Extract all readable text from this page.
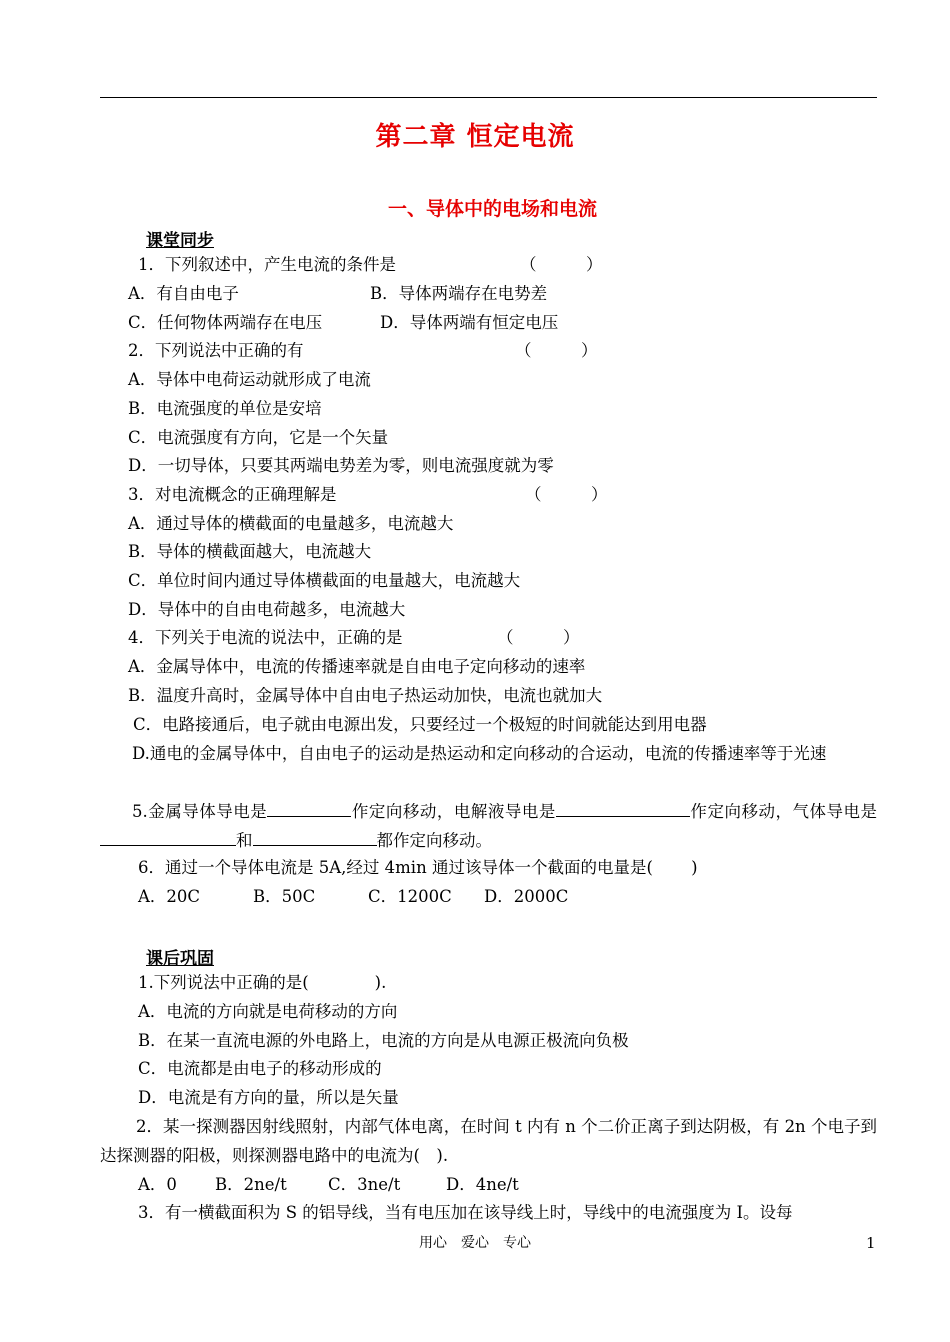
第二章 恒定电流
一、导体中的电场和电流
课堂同步
1．下列叙述中，产生电流的条件是	（　　　）
A．有自由电子	B．导体两端存在电势差
C．任何物体两端存在电压	D．导体两端有恒定电压
2．下列说法中正确的有	（　　　）
A．导体中电荷运动就形成了电流
B．电流强度的单位是安培
C．电流强度有方向，它是一个矢量
D．一切导体，只要其两端电势差为零，则电流强度就为零
3．对电流概念的正确理解是	（　　　）
A．通过导体的横截面的电量越多，电流越大
B．导体的横截面越大，电流越大
C．单位时间内通过导体横截面的电量越大，电流越大
D．导体中的自由电荷越多，电流越大
4．下列关于电流的说法中，正确的是	（　　　）
A．金属导体中，电流的传播速率就是自由电子定向移动的速率
B．温度升高时，金属导体中自由电子热运动加快，电流也就加大
C．电路接通后，电子就由电源出发，只要经过一个极短的时间就能达到用电器
D.通电的金属导体中，自由电子的运动是热运动和定向移动的合运动，电流的传播速率等于光速
5.金属导体导电是	作定向移动，电解液导电是	作定向移动，气体导电是和	都作定向移动。
6．通过一个导体电流是 5A,经过 4min 通过该导体一个截面的电量是(　　 )
A．20C	B．50C	C．1200C D．2000C
课后巩固
1.下列说法中正确的是(　　　　).
A．电流的方向就是电荷移动的方向
B．在某一直流电源的外电路上，电流的方向是从电源正极流向负极
C．电流都是由电子的移动形成的
D．电流是有方向的量，所以是矢量
2．某一探测器因射线照射，内部气体电离，在时间 t 内有 n 个二价正离子到达阴极，有 2n 个电子到达探测器的阳极，则探测器电路中的电流为(　).
A．0 B．2ne/t	C．3ne/t	D．4ne/t
3．有一横截面积为 S 的铝导线，当有电压加在该导线上时，导线中的电流强度为 I。设每
用心　爱心　专心	1
